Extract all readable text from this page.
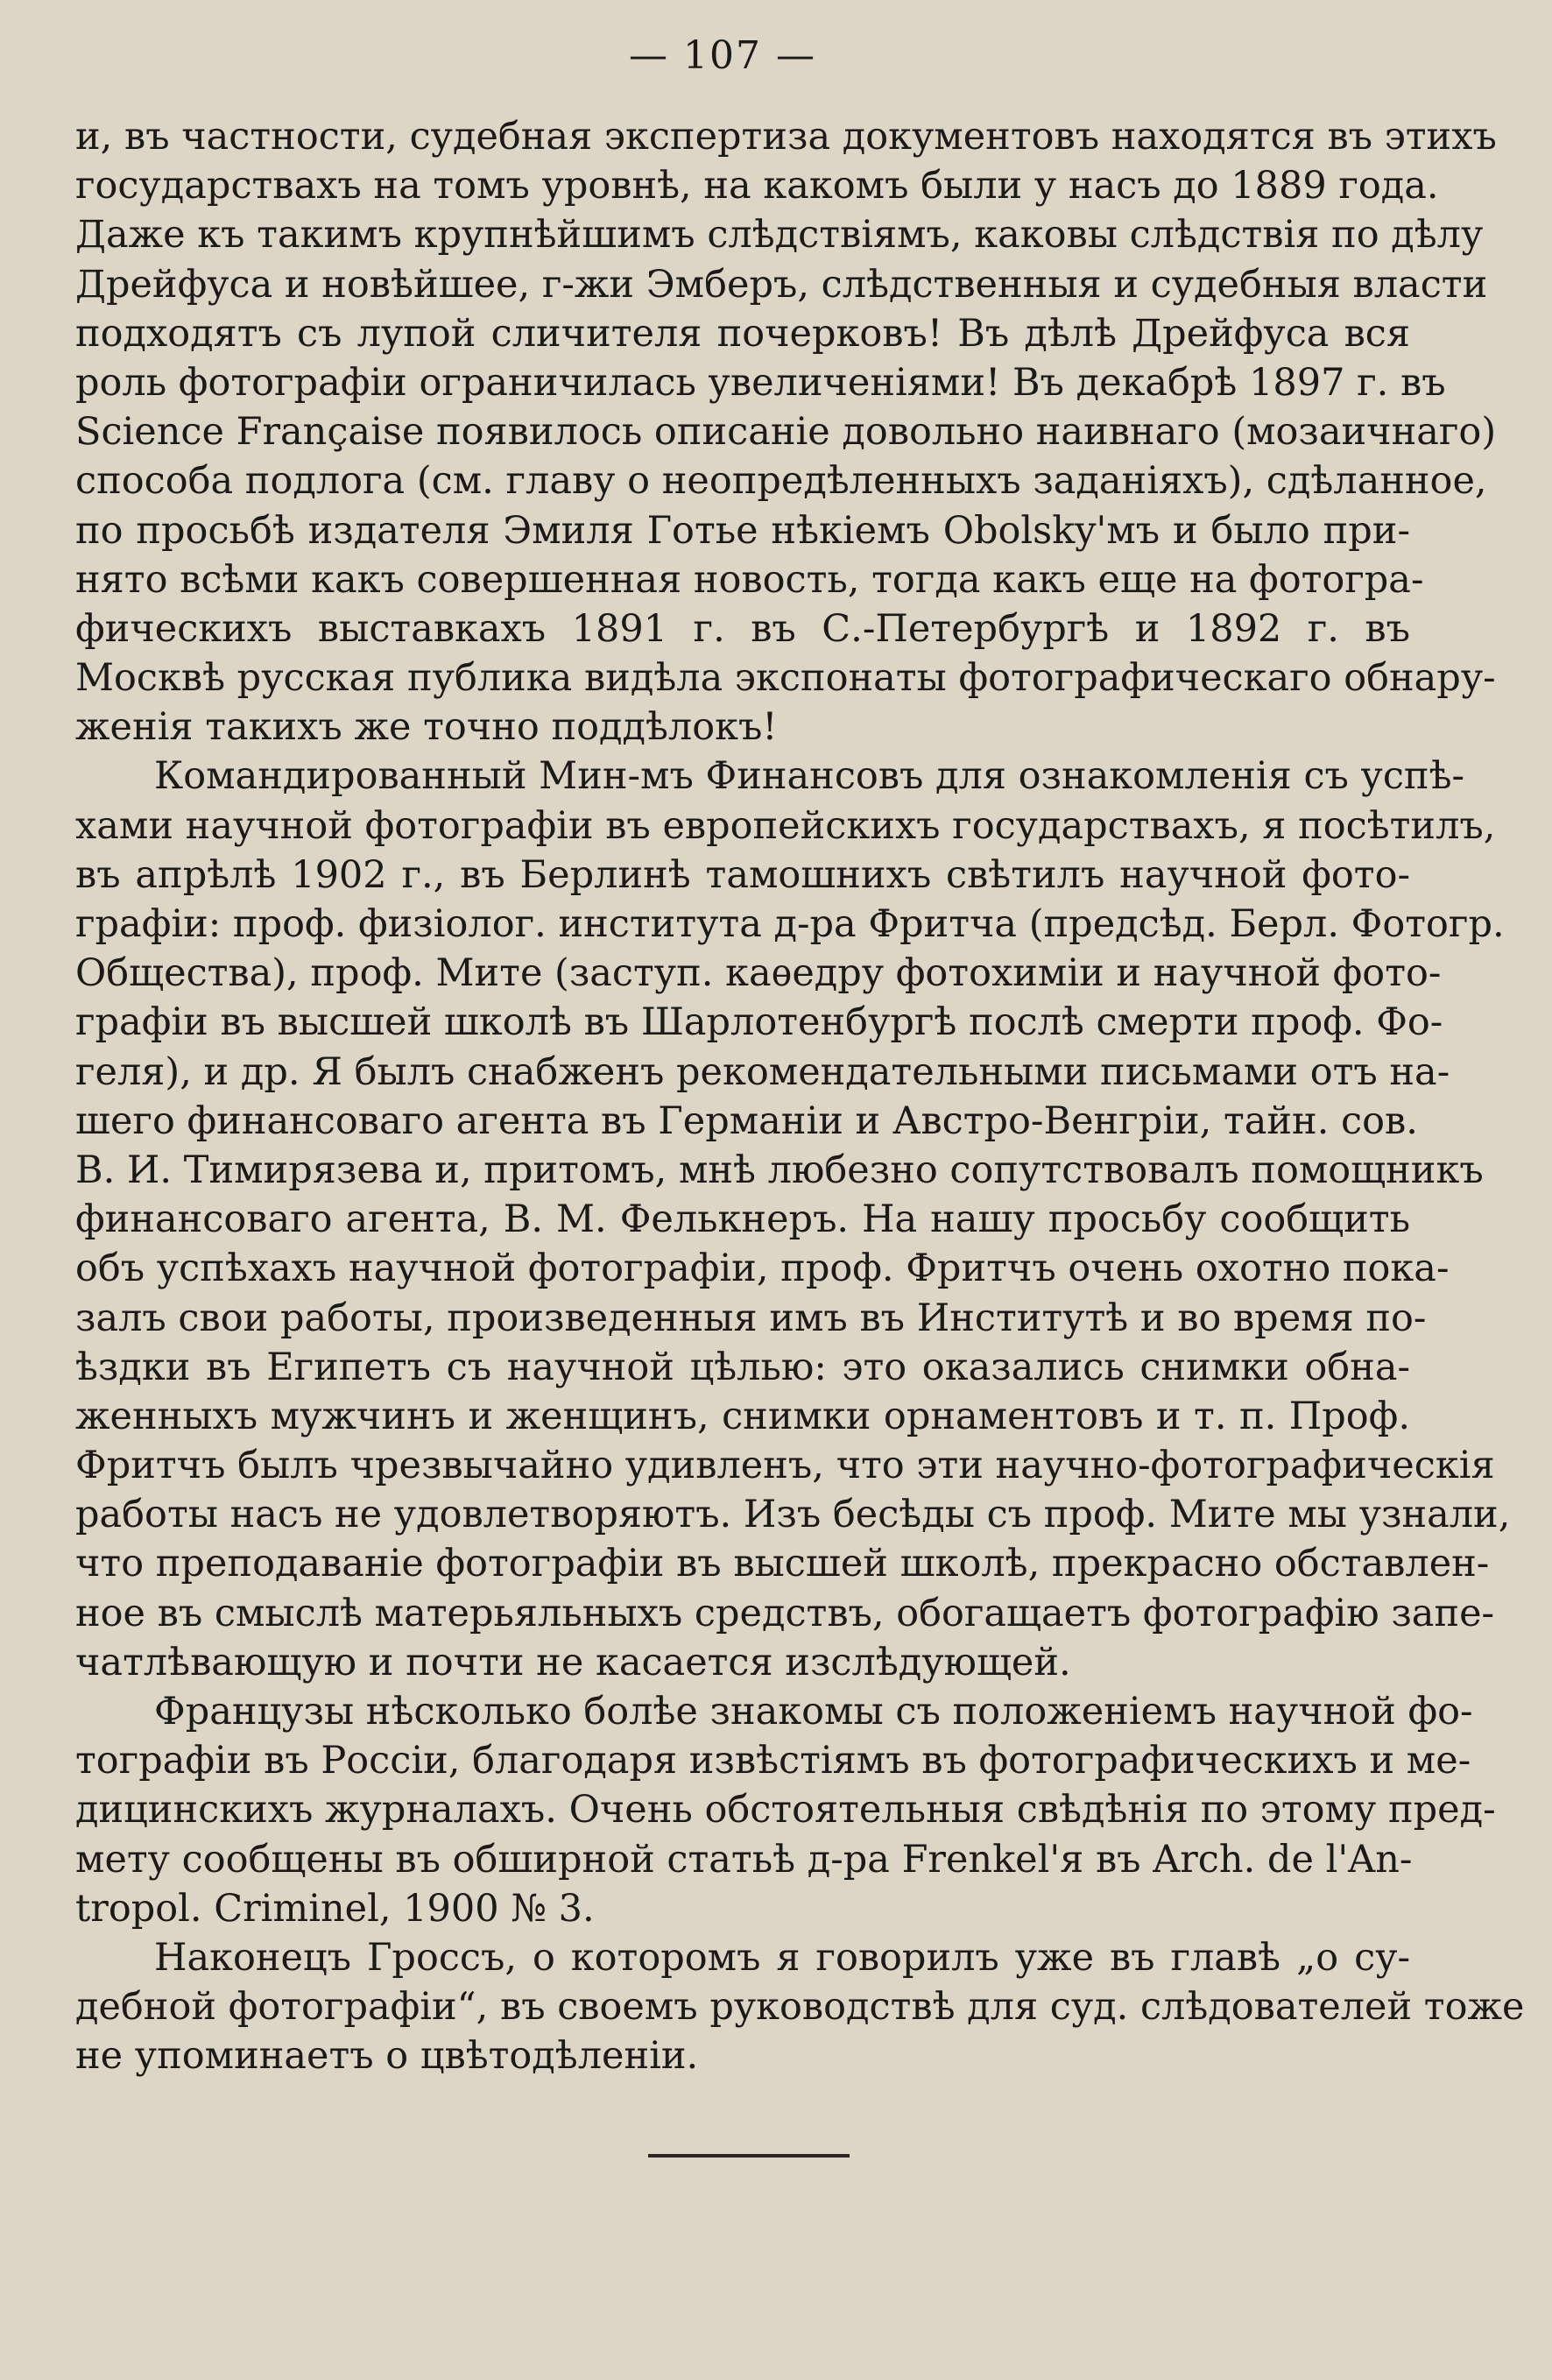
— 107 —
и, въ частности, судебная экспертиза документовъ находятся въ этихъ
государствахъ на томъ уровнѣ, на какомъ были у насъ до 1889 года.
Даже къ такимъ крупнѣйшимъ слѣдствіямъ, каковы слѣдствія по дѣлу
Дрейфуса и новѣйшее, г-жи Эмберъ, слѣдственныя и судебныя власти
подходятъ съ лупой сличителя почерковъ! Въ дѣлѣ Дрейфуса вся
роль фотографіи ограничилась увеличеніями! Въ декабрѣ 1897 г. въ
Science Française появилось описаніе довольно наивнаго (мозаичнаго)
способа подлога (см. главу о неопредѣленныхъ заданіяхъ), сдѣланное,
по просьбѣ издателя Эмиля Готье нѣкіемъ Obolsky'мъ и было при-
нято всѣми какъ совершенная новость, тогда какъ еще на фотогра-
фическихъ выставкахъ 1891 г. въ С.-Петербургѣ и 1892 г. въ
Москвѣ русская публика видѣла экспонаты фотографическаго обнару-
женія такихъ же точно поддѣлокъ!
Командированный Мин-мъ Финансовъ для ознакомленія съ успѣ-
хами научной фотографіи въ европейскихъ государствахъ, я посѣтилъ,
въ апрѣлѣ 1902 г., въ Берлинѣ тамошнихъ свѣтилъ научной фото-
графіи: проф. физіолог. института д-ра Фритча (предсѣд. Берл. Фотогр.
Общества), проф. Мите (заступ. каѳедру фотохиміи и научной фото-
графіи въ высшей школѣ въ Шарлотенбургѣ послѣ смерти проф. Фо-
геля), и др. Я былъ снабженъ рекомендательными письмами отъ на-
шего финансоваго агента въ Германіи и Австро-Венгріи, тайн. сов.
В. И. Тимирязева и, притомъ, мнѣ любезно сопутствовалъ помощникъ
финансоваго агента, В. М. Фелькнеръ. На нашу просьбу сообщить
объ успѣхахъ научной фотографіи, проф. Фритчъ очень охотно пока-
залъ свои работы, произведенныя имъ въ Институтѣ и во время по-
ѣздки въ Египетъ съ научной цѣлью: это оказались снимки обна-
женныхъ мужчинъ и женщинъ, снимки орнаментовъ и т. п. Проф.
Фритчъ былъ чрезвычайно удивленъ, что эти научно-фотографическія
работы насъ не удовлетворяютъ. Изъ бесѣды съ проф. Мите мы узнали,
что преподаваніе фотографіи въ высшей школѣ, прекрасно обставлен-
ное въ смыслѣ матерьяльныхъ средствъ, обогащаетъ фотографію запе-
чатлѣвающую и почти не касается изслѣдующей.
Французы нѣсколько болѣе знакомы съ положеніемъ научной фо-
тографіи въ Россіи, благодаря извѣстіямъ въ фотографическихъ и ме-
дицинскихъ журналахъ. Очень обстоятельныя свѣдѣнія по этому пред-
мету сообщены въ обширной статьѣ д-ра Frenkel'я въ Arch. de l'An-
tropol. Criminel, 1900 № 3.
Наконецъ Гроссъ, о которомъ я говорилъ уже въ главѣ „о су-
дебной фотографіи“, въ своемъ руководствѣ для суд. слѣдователей тоже
не упоминаетъ о цвѣтодѣленіи.
